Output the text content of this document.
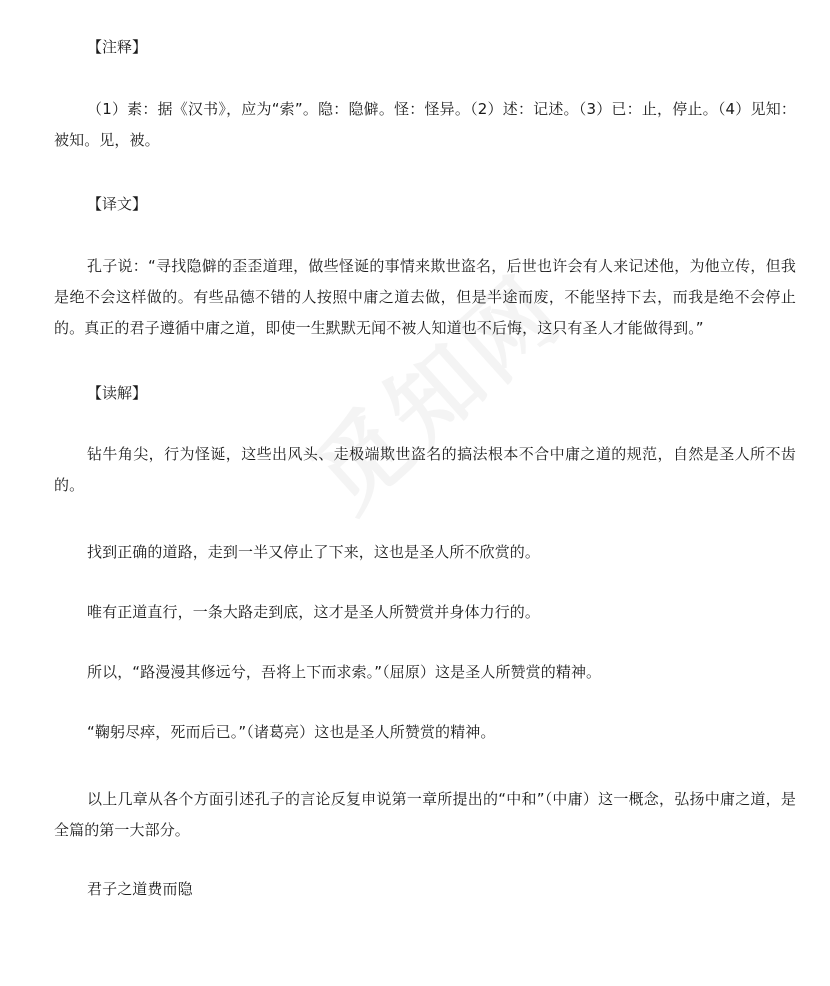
【注释】

（1）素：据《汉书》，应为“索”。隐：隐僻。怪：怪异。（2）述：记述。（3）已：止，停止。（4）见知：被知。见，被。

【译文】

孔子说：“寻找隐僻的歪歪道理，做些怪诞的事情来欺世盗名，后世也许会有人来记述他，为他立传，但我是绝不会这样做的。有些品德不错的人按照中庸之道去做，但是半途而废，不能坚持下去，而我是绝不会停止的。真正的君子遵循中庸之道，即使一生默默无闻不被人知道也不后悔，这只有圣人才能做得到。”

【读解】

钻牛角尖，行为怪诞，这些出风头、走极端欺世盗名的搞法根本不合中庸之道的规范，自然是圣人所不齿的。

找到正确的道路，走到一半又停止了下来，这也是圣人所不欣赏的。

唯有正道直行，一条大路走到底，这才是圣人所赞赏并身体力行的。

所以，“路漫漫其修远兮，吾将上下而求索。”（屈原）这是圣人所赞赏的精神。

“鞠躬尽瘁，死而后已。”（诸葛亮）这也是圣人所赞赏的精神。

以上几章从各个方面引述孔子的言论反复申说第一章所提出的“中和”（中庸）这一概念，弘扬中庸之道，是全篇的第一大部分。

君子之道费而隐
